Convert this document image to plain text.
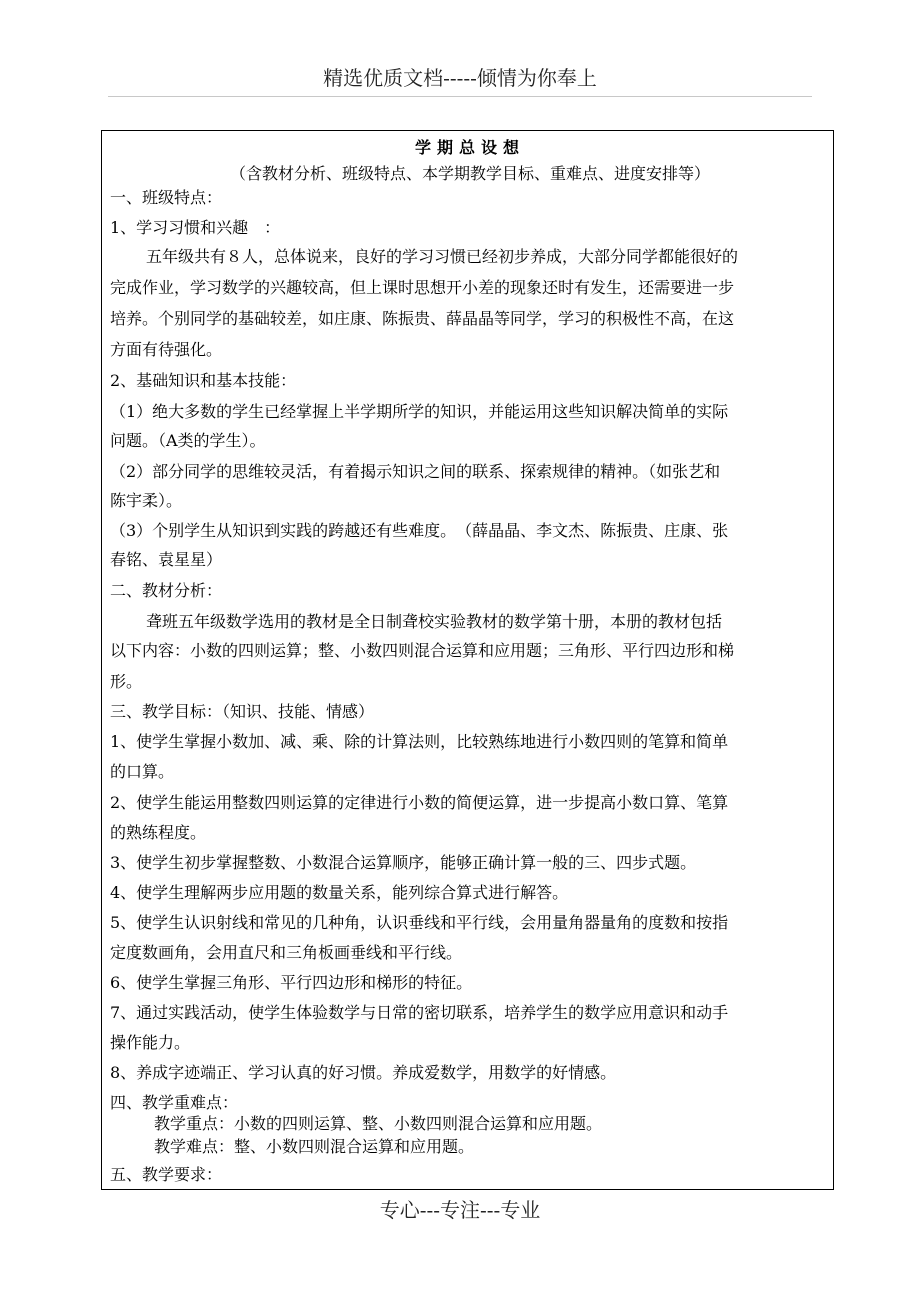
精选优质文档-----倾情为你奉上
学期总设想
（含教材分析、班级特点、本学期教学目标、重难点、进度安排等）
一、班级特点：
1、学习习惯和兴趣　：
五年级共有８人，总体说来，良好的学习习惯已经初步养成，大部分同学都能很好的
完成作业，学习数学的兴趣较高，但上课时思想开小差的现象还时有发生，还需要进一步
培养。个别同学的基础较差，如庄康、陈振贵、薛晶晶等同学，学习的积极性不高，在这
方面有待强化。
2、基础知识和基本技能：
（1）绝大多数的学生已经掌握上半学期所学的知识，并能运用这些知识解决简单的实际
问题。（A类的学生）。
（2）部分同学的思维较灵活，有着揭示知识之间的联系、探索规律的精神。（如张艺和
陈宇柔）。
（3）个别学生从知识到实践的跨越还有些难度。　（薛晶晶、李文杰、陈振贵、庄康、张
春铭、袁星星）
二、教材分析：
聋班五年级数学选用的教材是全日制聋校实验教材的数学第十册，本册的教材包括
以下内容：小数的四则运算；整、小数四则混合运算和应用题；三角形、平行四边形和梯
形。
三、教学目标：（知识、技能、情感）
1、使学生掌握小数加、减、乘、除的计算法则，比较熟练地进行小数四则的笔算和简单
的口算。
2、使学生能运用整数四则运算的定律进行小数的简便运算，进一步提高小数口算、笔算
的熟练程度。
3、使学生初步掌握整数、小数混合运算顺序，能够正确计算一般的三、四步式题。
4、使学生理解两步应用题的数量关系，能列综合算式进行解答。
5、使学生认识射线和常见的几种角，认识垂线和平行线，会用量角器量角的度数和按指
定度数画角，会用直尺和三角板画垂线和平行线。
6、使学生掌握三角形、平行四边形和梯形的特征。
7、通过实践活动，使学生体验数学与日常的密切联系，培养学生的数学应用意识和动手
操作能力。
8、养成字迹端正、学习认真的好习惯。养成爱数学，用数学的好情感。
四、教学重难点：
教学重点：小数的四则运算、整、小数四则混合运算和应用题。
教学难点：整、小数四则混合运算和应用题。
五、教学要求：
专心---专注---专业
